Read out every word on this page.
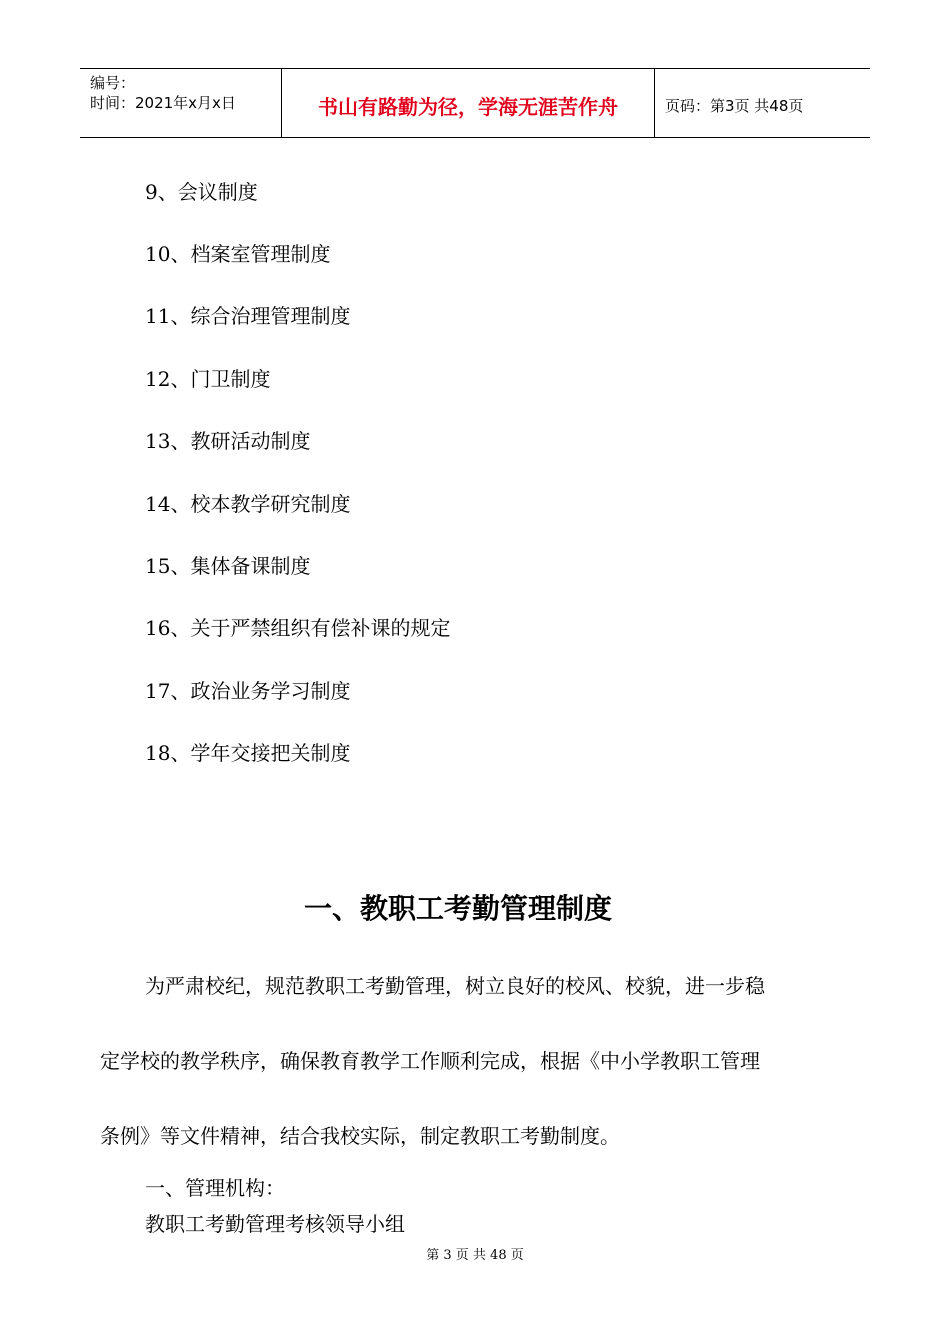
编号：
时间：2021年x月x日	书山有路勤为径，学海无涯苦作舟	页码：第3页 共48页
9、会议制度
10、档案室管理制度
11、综合治理管理制度
12、门卫制度
13、教研活动制度
14、校本教学研究制度
15、集体备课制度
16、关于严禁组织有偿补课的规定
17、政治业务学习制度
18、学年交接把关制度
一、教职工考勤管理制度
为严肃校纪，规范教职工考勤管理，树立良好的校风、校貌，进一步稳
定学校的教学秩序，确保教育教学工作顺利完成，根据《中小学教职工管理
条例》等文件精神，结合我校实际，制定教职工考勤制度。
一、管理机构：
教职工考勤管理考核领导小组
第 3 页 共 48 页
